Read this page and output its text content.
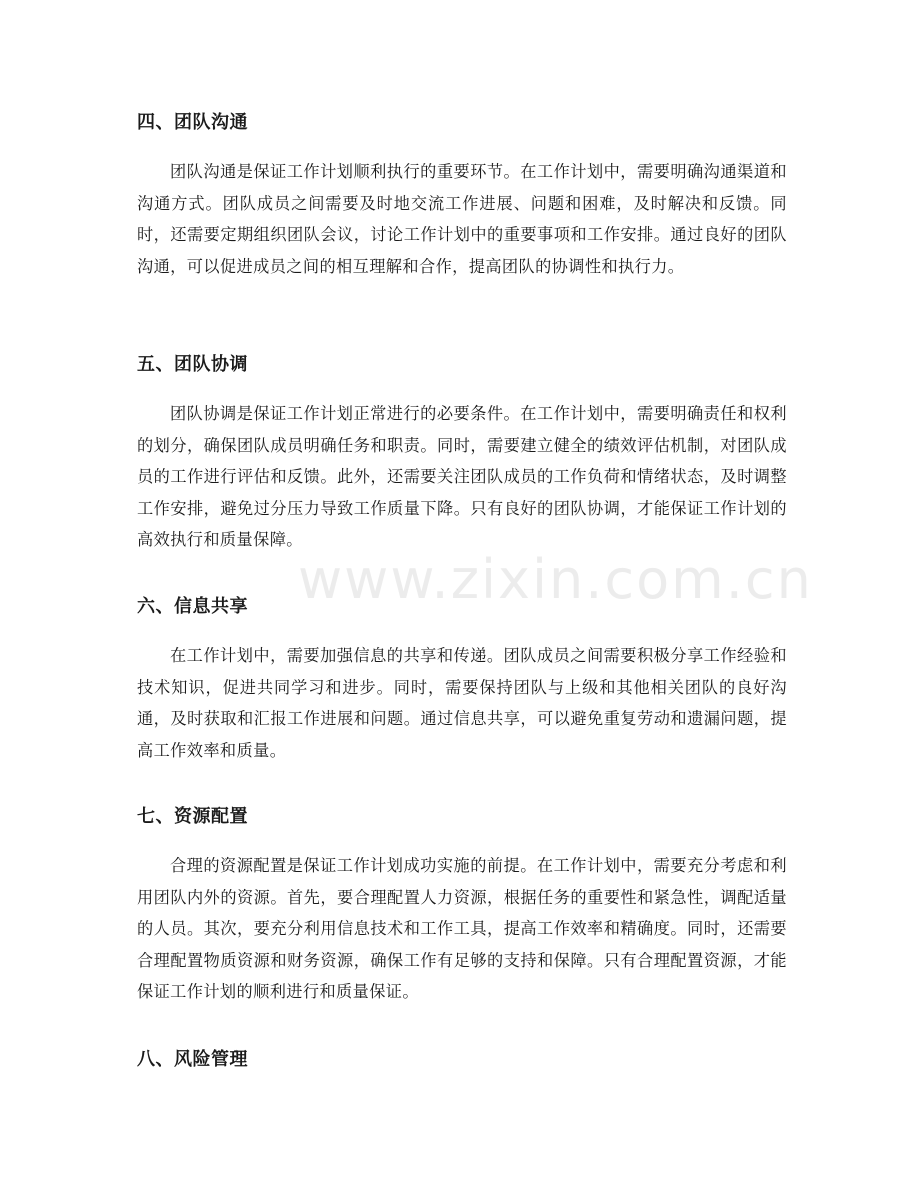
www.zixin.com.cn
四、团队沟通

团队沟通是保证工作计划顺利执行的重要环节。在工作计划中，需要明确沟通渠道和沟通方式。团队成员之间需要及时地交流工作进展、问题和困难，及时解决和反馈。同时，还需要定期组织团队会议，讨论工作计划中的重要事项和工作安排。通过良好的团队沟通，可以促进成员之间的相互理解和合作，提高团队的协调性和执行力。

五、团队协调

团队协调是保证工作计划正常进行的必要条件。在工作计划中，需要明确责任和权利的划分，确保团队成员明确任务和职责。同时，需要建立健全的绩效评估机制，对团队成员的工作进行评估和反馈。此外，还需要关注团队成员的工作负荷和情绪状态，及时调整工作安排，避免过分压力导致工作质量下降。只有良好的团队协调，才能保证工作计划的高效执行和质量保障。

六、信息共享

在工作计划中，需要加强信息的共享和传递。团队成员之间需要积极分享工作经验和技术知识，促进共同学习和进步。同时，需要保持团队与上级和其他相关团队的良好沟通，及时获取和汇报工作进展和问题。通过信息共享，可以避免重复劳动和遗漏问题，提高工作效率和质量。

七、资源配置

合理的资源配置是保证工作计划成功实施的前提。在工作计划中，需要充分考虑和利用团队内外的资源。首先，要合理配置人力资源，根据任务的重要性和紧急性，调配适量的人员。其次，要充分利用信息技术和工作工具，提高工作效率和精确度。同时，还需要合理配置物质资源和财务资源，确保工作有足够的支持和保障。只有合理配置资源，才能保证工作计划的顺利进行和质量保证。

八、风险管理
